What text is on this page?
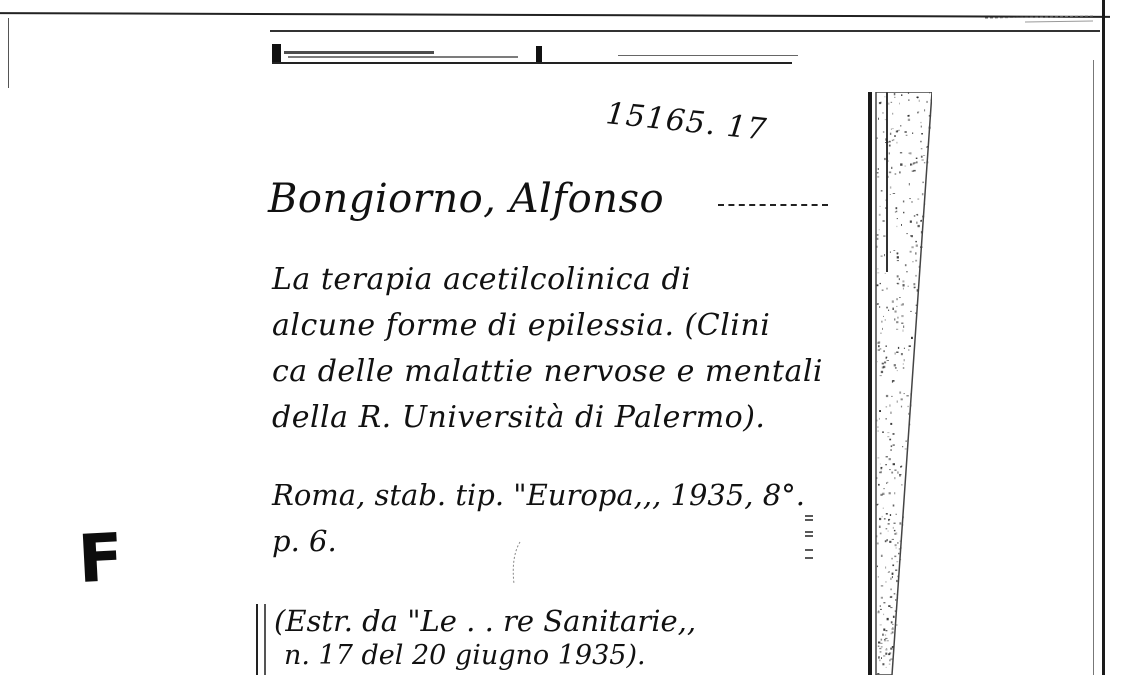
15165. 17
Bongiorno, Alfonso
La terapia acetilcolinica di
alcune forme di epilessia. (Clini
ca delle malattie nervose e mentali
della R. Università di Palermo).
Roma, stab. tip. "Europa,,, 1935, 8°.
p. 6.
(Estr. da "Le . . re Sanitarie,,
n. 17 del 20 giugno 1935).
F
